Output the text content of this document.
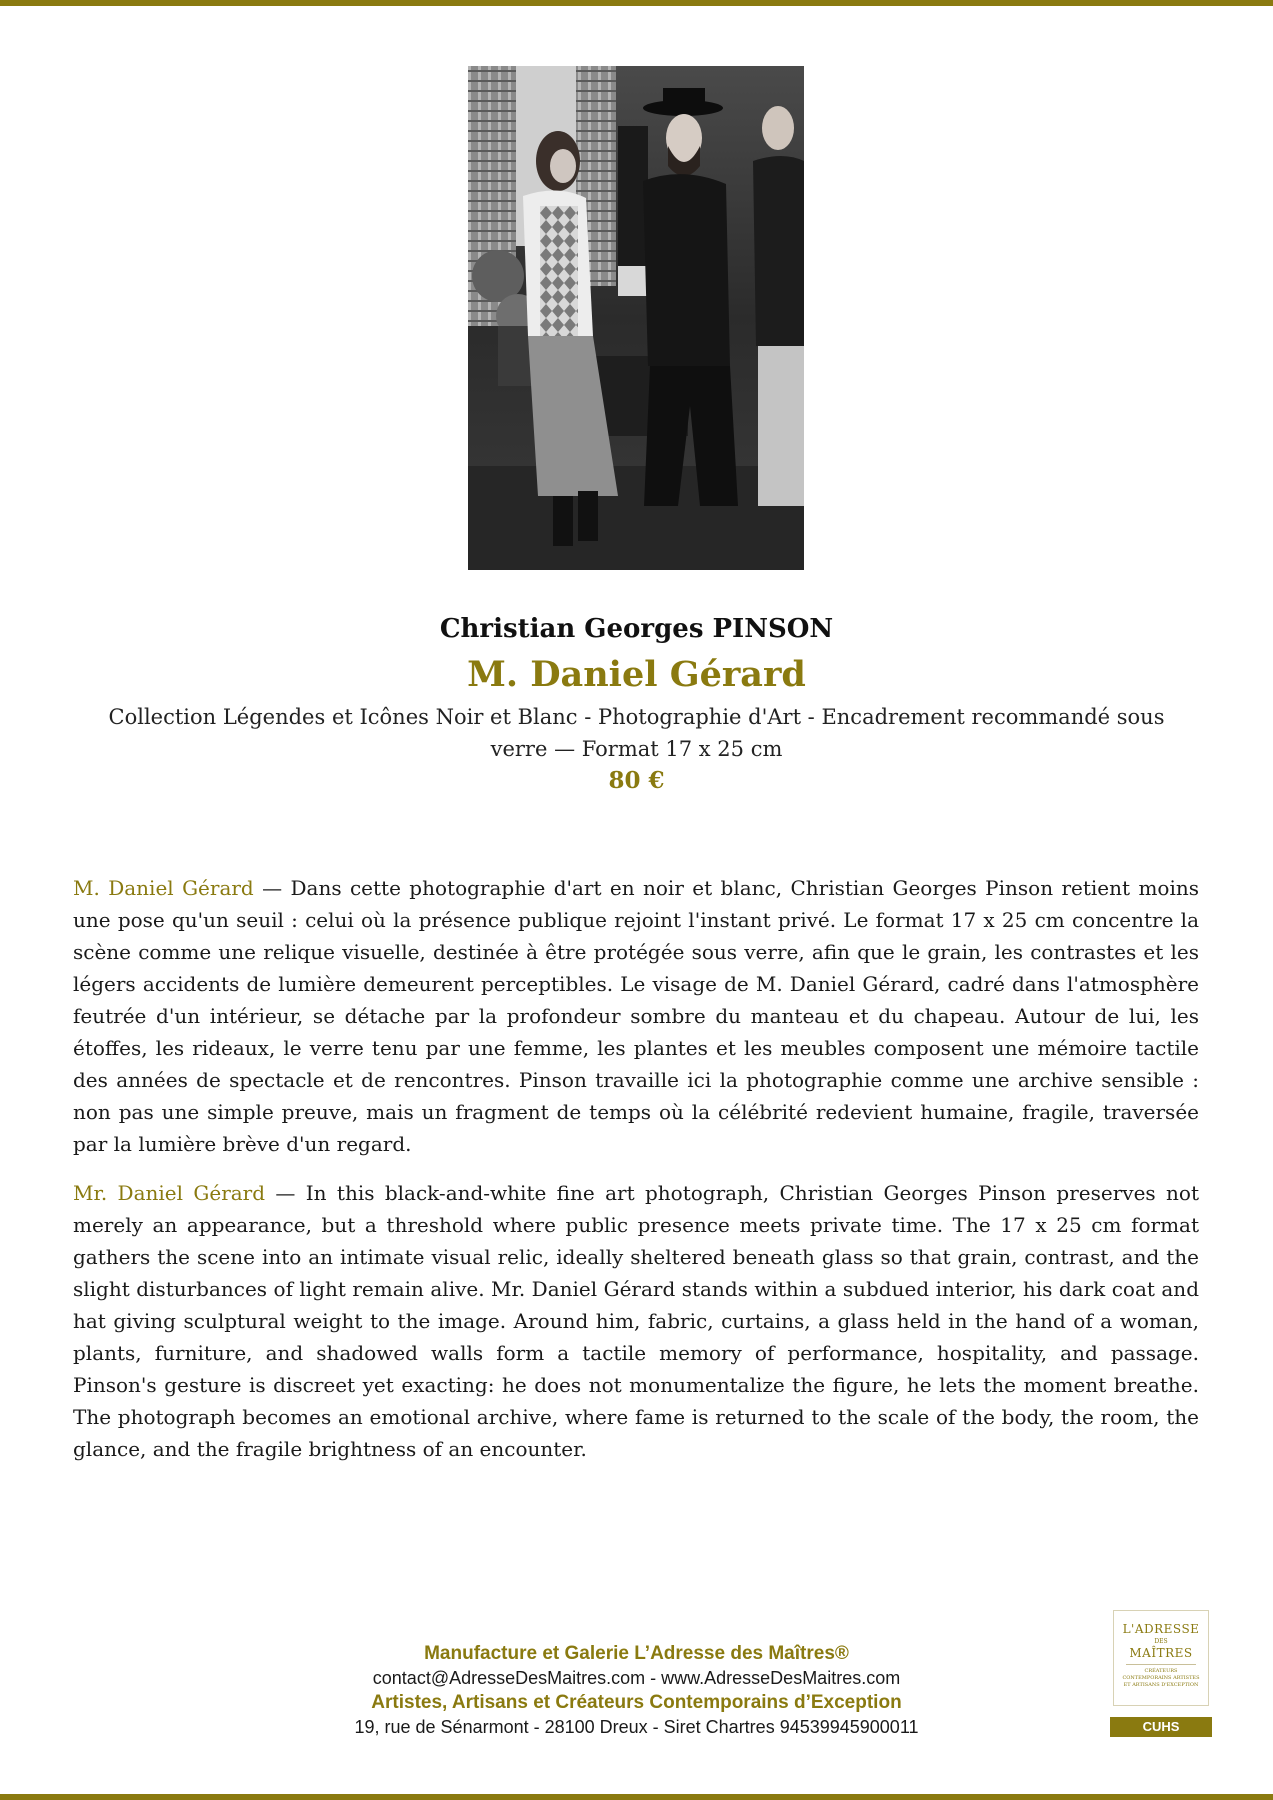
Christian Georges PINSON
M. Daniel Gérard
Collection Légendes et Icônes Noir et Blanc - Photographie d'Art - Encadrement recommandé sous verre — Format 17 x 25 cm
80 €
M. Daniel Gérard — Dans cette photographie d'art en noir et blanc, Christian Georges Pinson retient moins une pose qu'un seuil : celui où la présence publique rejoint l'instant privé. Le format 17 x 25 cm concentre la scène comme une relique visuelle, destinée à être protégée sous verre, afin que le grain, les contrastes et les légers accidents de lumière demeurent perceptibles. Le visage de M. Daniel Gérard, cadré dans l'atmosphère feutrée d'un intérieur, se détache par la profondeur sombre du manteau et du chapeau. Autour de lui, les étoffes, les rideaux, le verre tenu par une femme, les plantes et les meubles composent une mémoire tactile des années de spectacle et de rencontres. Pinson travaille ici la photographie comme une archive sensible : non pas une simple preuve, mais un fragment de temps où la célébrité redevient humaine, fragile, traversée par la lumière brève d'un regard.
Mr. Daniel Gérard — In this black-and-white fine art photograph, Christian Georges Pinson preserves not merely an appearance, but a threshold where public presence meets private time. The 17 x 25 cm format gathers the scene into an intimate visual relic, ideally sheltered beneath glass so that grain, contrast, and the slight disturbances of light remain alive. Mr. Daniel Gérard stands within a subdued interior, his dark coat and hat giving sculptural weight to the image. Around him, fabric, curtains, a glass held in the hand of a woman, plants, furniture, and shadowed walls form a tactile memory of performance, hospitality, and passage. Pinson's gesture is discreet yet exacting: he does not monumentalize the figure, he lets the moment breathe. The photograph becomes an emotional archive, where fame is returned to the scale of the body, the room, the glance, and the fragile brightness of an encounter.
Manufacture et Galerie L’Adresse des Maîtres®
contact@AdresseDesMaitres.com - www.AdresseDesMaitres.com
Artistes, Artisans et Créateurs Contemporains d’Exception
19, rue de Sénarmont - 28100 Dreux - Siret Chartres 94539945900011
L'ADRESSE
DES
MAÎTRES
CRÉATEURS CONTEMPORAINS ARTISTES ET ARTISANS D'EXCEPTION
CUHS
